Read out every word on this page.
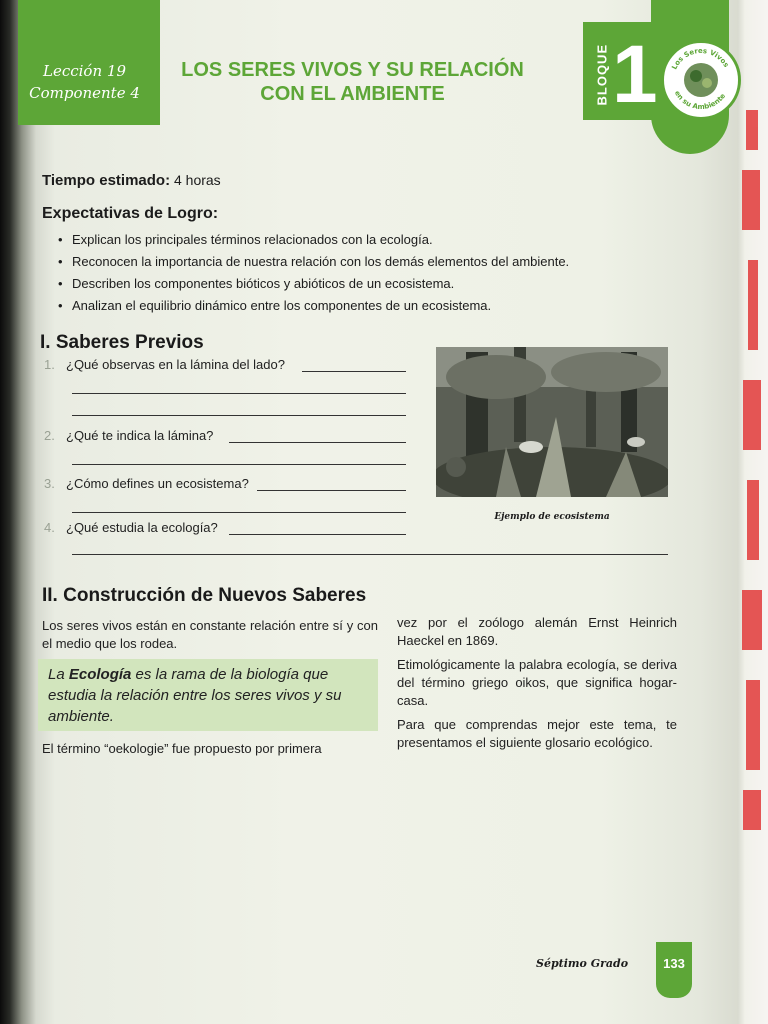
Lección 19
Componente 4
LOS SERES VIVOS Y SU RELACIÓN
CON EL AMBIENTE	BLOQUE 1 Los Seres Vivos
en su Ambiente
Tiempo estimado: 4 horas
Expectativas de Logro:
• Explican los principales términos relacionados con la ecología.
• Reconocen la importancia de nuestra relación con los demás elementos del ambiente.
• Describen los componentes bióticos y abióticos de un ecosistema.
• Analizan el equilibrio dinámico entre los componentes de un ecosistema.
I. Saberes Previos
1. ¿Qué observas en la lámina del lado?
2. ¿Qué te indica la lámina?
3. ¿Cómo defines un ecosistema?
4. ¿Qué estudia la ecología?
Ejemplo de ecosistema
II. Construcción de Nuevos Saberes
Los seres vivos están en constante relación entre sí y con el medio que los rodea.
La Ecología es la rama de la biología que estudia la relación entre los seres vivos y su ambiente.
El término “oekologie” fue propuesto por primera
vez por el zoólogo alemán Ernst Heinrich Haeckel en 1869.
Etimológicamente la palabra ecología, se deriva del término griego oikos, que significa hogar-casa.
Para que comprendas mejor este tema, te presentamos el siguiente glosario ecológico.
Séptimo Grado	133
